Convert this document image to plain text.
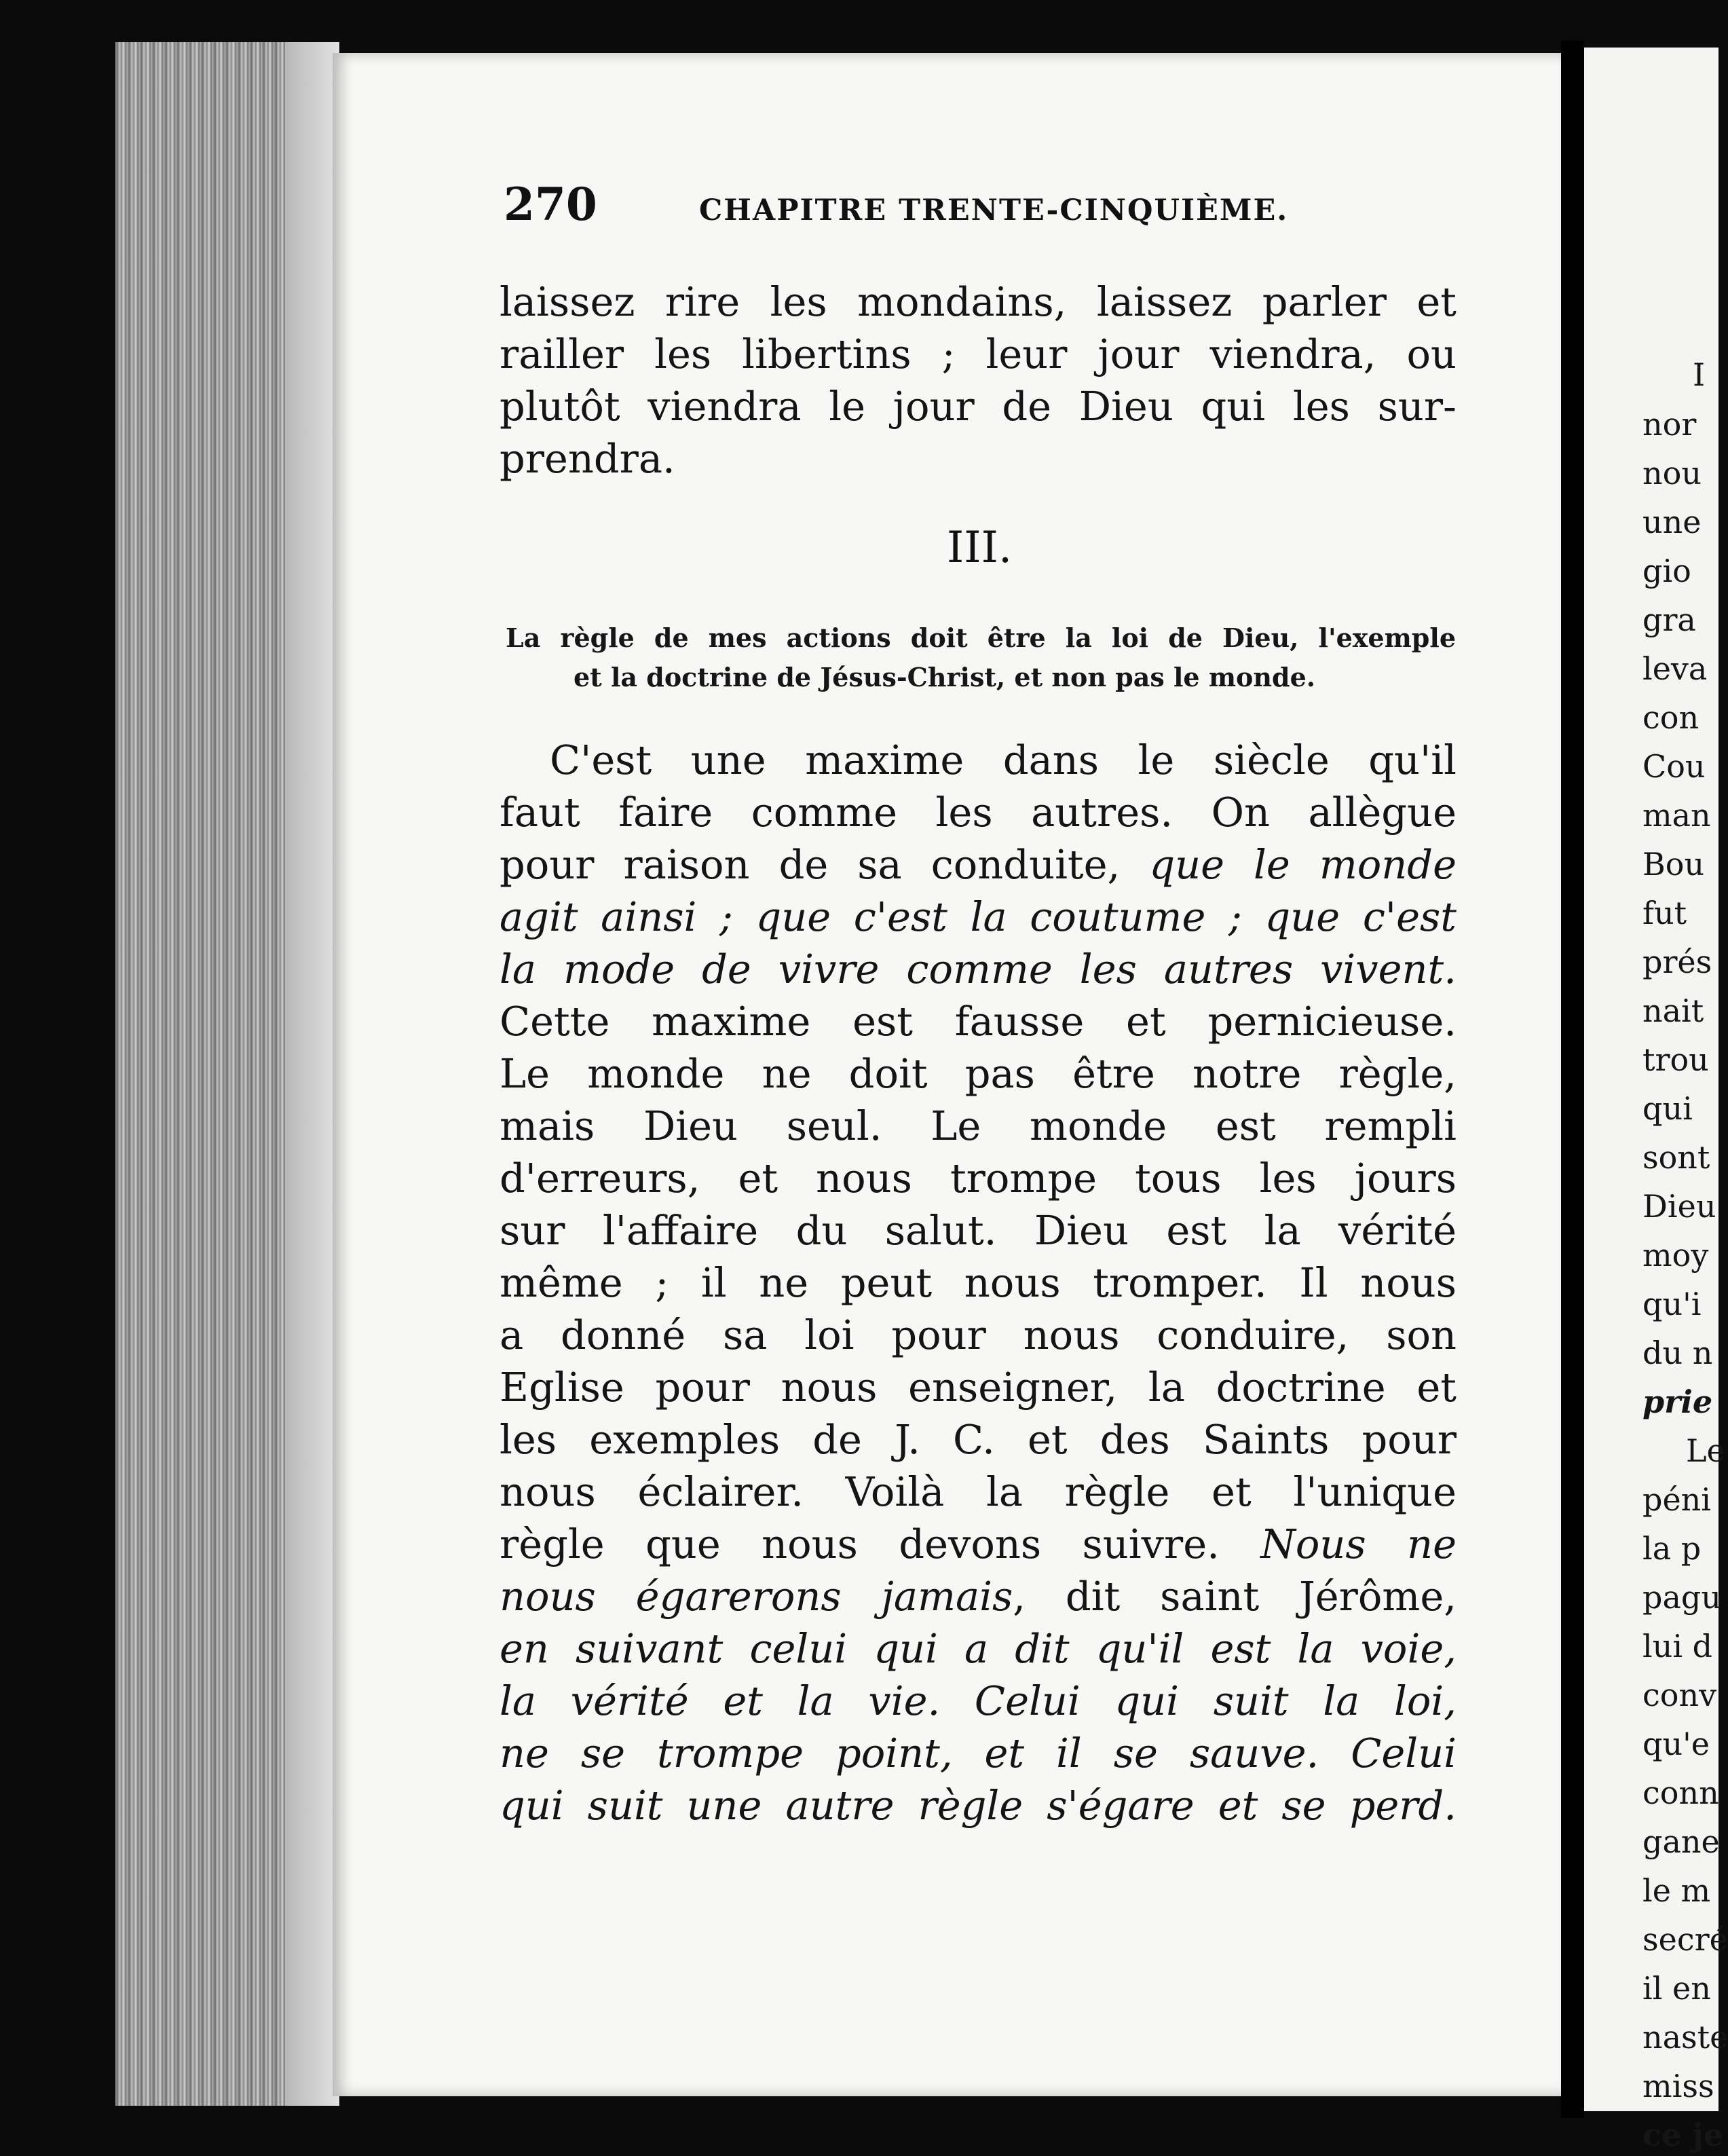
270	CHAPITRE TRENTE-CINQUIÈME.
laissez rire les mondains, laissez parler et
railler les libertins ; leur jour viendra, ou
plutôt viendra le jour de Dieu qui les sur-
prendra.
III.
La règle de mes actions doit être la loi de Dieu, l'exemple
et la doctrine de Jésus-Christ, et non pas le monde.
C'est une maxime dans le siècle qu'il
faut faire comme les autres. On allègue
pour raison de sa conduite, que le monde
agit ainsi ; que c'est la coutume ; que c'est
la mode de vivre comme les autres vivent.
Cette maxime est fausse et pernicieuse.
Le monde ne doit pas être notre règle,
mais Dieu seul. Le monde est rempli
d'erreurs, et nous trompe tous les jours
sur l'affaire du salut. Dieu est la vérité
même ; il ne peut nous tromper. Il nous
a donné sa loi pour nous conduire, son
Eglise pour nous enseigner, la doctrine et
les exemples de J. C. et des Saints pour
nous éclairer. Voilà la règle et l'unique
règle que nous devons suivre. Nous ne
nous égarerons jamais, dit saint Jérôme,
en suivant celui qui a dit qu'il est la voie,
la vérité et la vie. Celui qui suit la loi,
ne se trompe point, et il se sauve. Celui
qui suit une autre règle s'égare et se perd.
I
nor
nou
une
gio
gra
leva
con
Cou
man
Bou
fut
prés
nait
trou
qui
sont
Dieu
moy
qu'i
du n
prie
Le
péni
la p
pagu
lui d
conv
qu'e
conn
gane
le m
secré
il en
naste
miss
ce je
